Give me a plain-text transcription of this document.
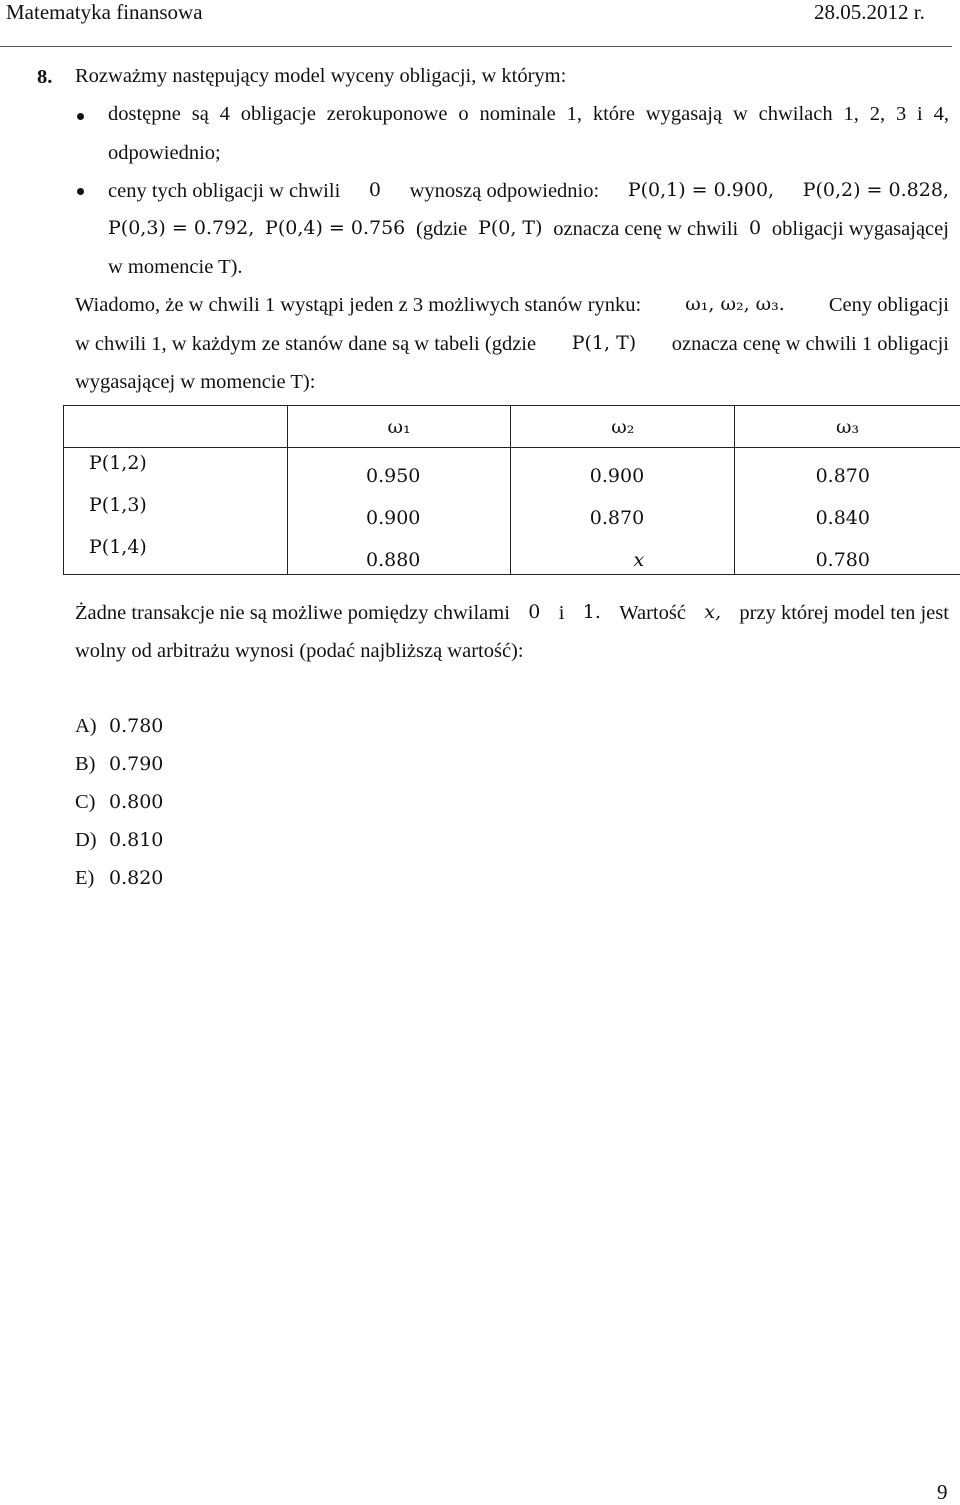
Matematyka finansowa	28.05.2012 r.
8. Rozważmy następujący model wyceny obligacji, w którym:
dostępne są 4 obligacje zerokuponowe o nominale 1, które wygasają w chwilach 1, 2, 3 i 4,
odpowiednio;
ceny tych obligacji w chwili 0 wynoszą odpowiednio: P(0,1) = 0.900, P(0,2) = 0.828,
P(0,3) = 0.792, P(0,4) = 0.756 (gdzie P(0, T) oznacza cenę w chwili 0 obligacji wygasającej
w momencie T).
Wiadomo, że w chwili 1 wystąpi jeden z 3 możliwych stanów rynku: ω₁, ω₂, ω₃. Ceny obligacji
w chwili 1, w każdym ze stanów dane są w tabeli (gdzie P(1, T) oznacza cenę w chwili 1 obligacji
wygasającej w momencie T):
	ω₁	ω₂	ω₃
P(1,2)	0.950	0.900	0.870
P(1,3)	0.900	0.870	0.840
P(1,4)	0.880	x	0.780
Żadne transakcje nie są możliwe pomiędzy chwilami 0 i 1. Wartość x, przy której model ten jest
wolny od arbitrażu wynosi (podać najbliższą wartość):
A) 0.780
B) 0.790
C) 0.800
D) 0.810
E) 0.820
9
